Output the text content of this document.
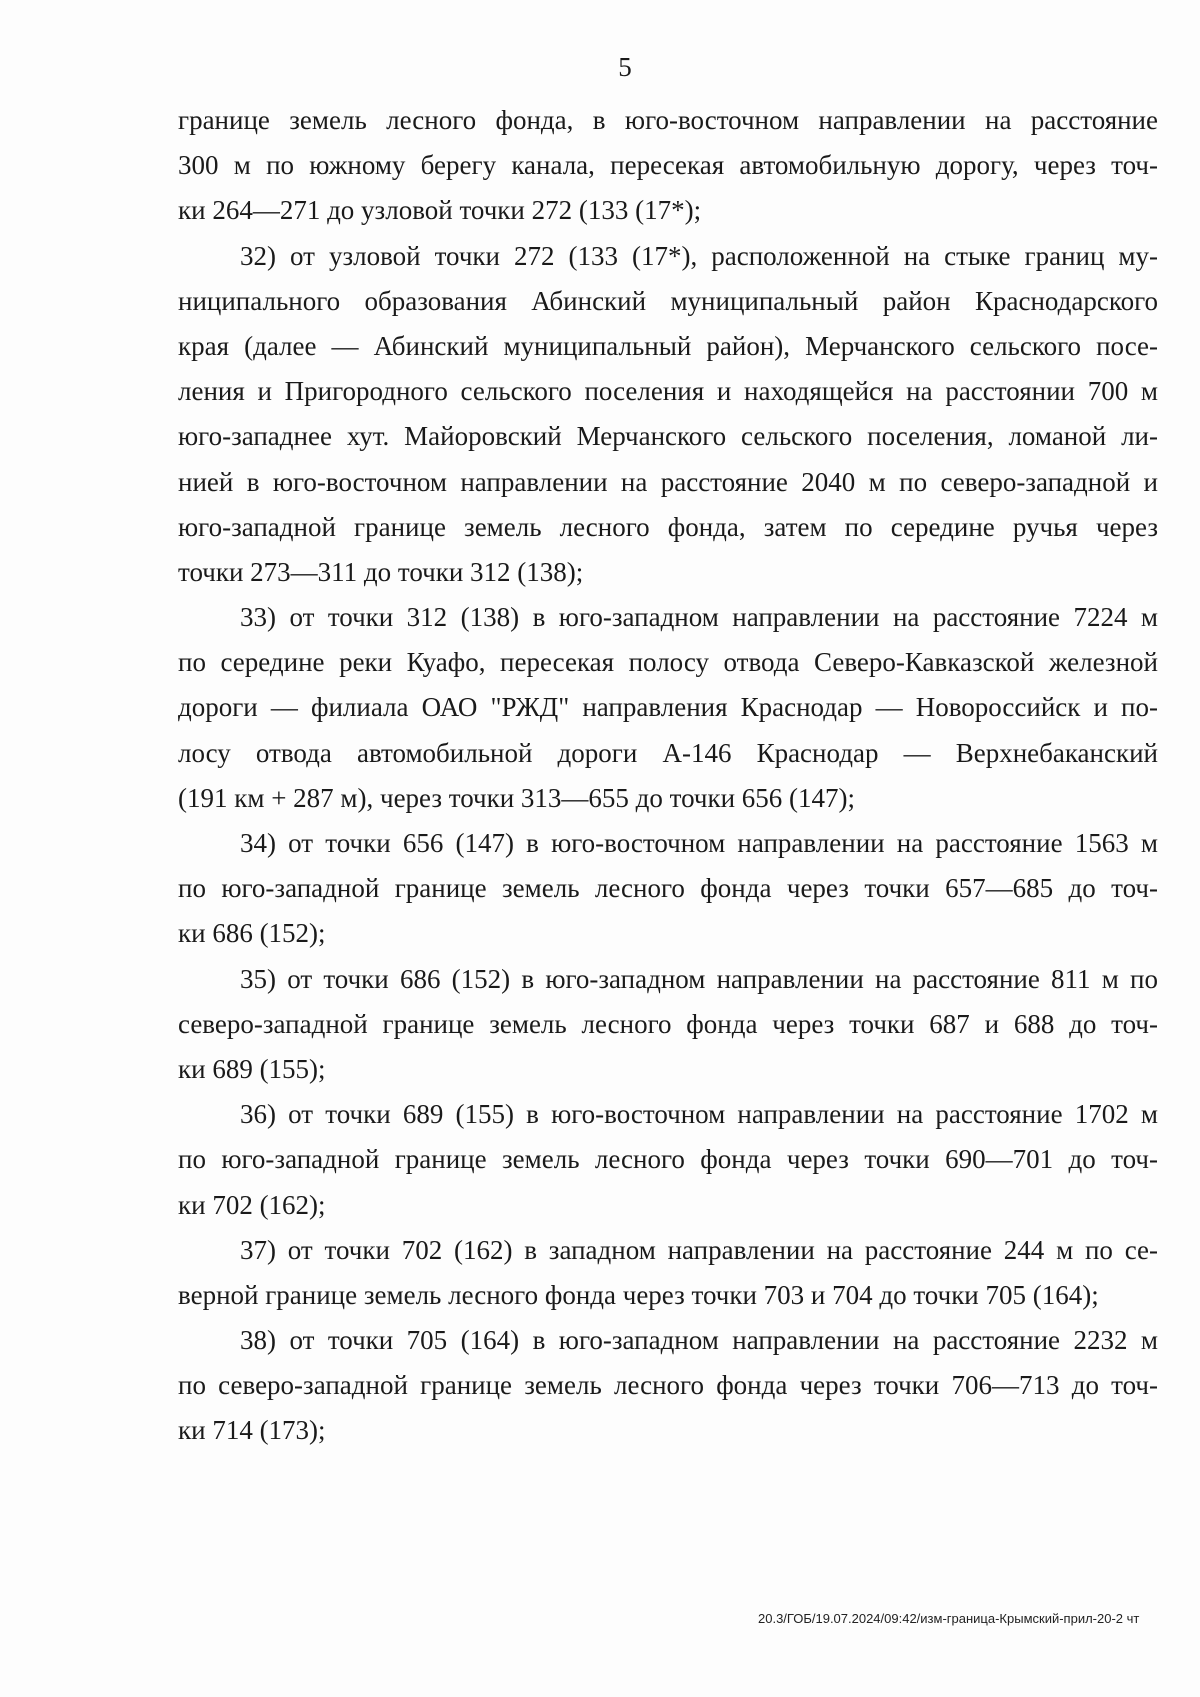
5
границе земель лесного фонда, в юго-восточном направлении на расстояние
300 м по южному берегу канала, пересекая автомобильную дорогу, через точ-
ки 264—271 до узловой точки 272 (133 (17*);
32) от узловой точки 272 (133 (17*), расположенной на стыке границ му-
ниципального образования Абинский муниципальный район Краснодарского
края (далее — Абинский муниципальный район), Мерчанского сельского посе-
ления и Пригородного сельского поселения и находящейся на расстоянии 700 м
юго-западнее хут. Майоровский Мерчанского сельского поселения, ломаной ли-
нией в юго-восточном направлении на расстояние 2040 м по северо-западной и
юго-западной границе земель лесного фонда, затем по середине ручья через
точки 273—311 до точки 312 (138);
33) от точки 312 (138) в юго-западном направлении на расстояние 7224 м
по середине реки Куафо, пересекая полосу отвода Северо-Кавказской железной
дороги — филиала ОАО "РЖД" направления Краснодар — Новороссийск и по-
лосу отвода автомобильной дороги А-146 Краснодар — Верхнебаканский
(191 км + 287 м), через точки 313—655 до точки 656 (147);
34) от точки 656 (147) в юго-восточном направлении на расстояние 1563 м
по юго-западной границе земель лесного фонда через точки 657—685 до точ-
ки 686 (152);
35) от точки 686 (152) в юго-западном направлении на расстояние 811 м по
северо-западной границе земель лесного фонда через точки 687 и 688 до точ-
ки 689 (155);
36) от точки 689 (155) в юго-восточном направлении на расстояние 1702 м
по юго-западной границе земель лесного фонда через точки 690—701 до точ-
ки 702 (162);
37) от точки 702 (162) в западном направлении на расстояние 244 м по се-
верной границе земель лесного фонда через точки 703 и 704 до точки 705 (164);
38) от точки 705 (164) в юго-западном направлении на расстояние 2232 м
по северо-западной границе земель лесного фонда через точки 706—713 до точ-
ки 714 (173);
20.3/ГОБ/19.07.2024/09:42/изм-граница-Крымский-прил-20-2 чт
